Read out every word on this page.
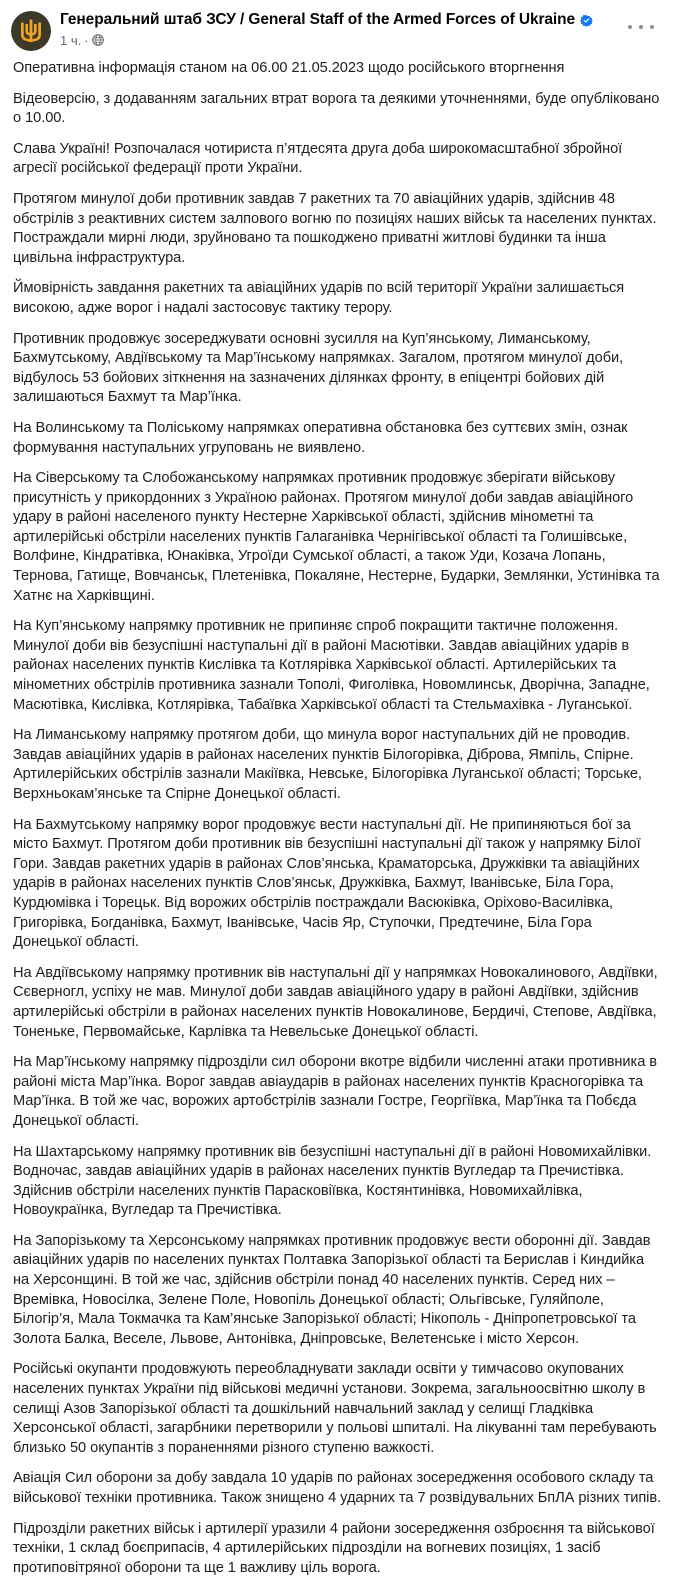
Генеральний штаб ЗСУ / General Staff of the Armed Forces of Ukraine
1 ч. ·

Оперативна інформація станом на 06.00 21.05.2023 щодо російського вторгнення

Відеоверсію, з додаванням загальних втрат ворога та деякими уточненнями, буде опубліковано о 10.00.

Слава Україні! Розпочалася чотириста п’ятдесята друга доба широкомасштабної збройної агресії російської федерації проти України.

Протягом минулої доби противник завдав 7 ракетних та 70 авіаційних ударів, здійснив 48 обстрілів з реактивних систем залпового вогню по позиціях наших військ та населених пунктах. Постраждали мирні люди, зруйновано та пошкоджено приватні житлові будинки та інша цивільна інфраструктура.

Ймовірність завдання ракетних та авіаційних ударів по всій території України залишається високою, адже ворог і надалі застосовує тактику терору.

Противник продовжує зосереджувати основні зусилля на Куп’янському, Лиманському, Бахмутському, Авдіївському та Мар’їнському напрямках. Загалом, протягом минулої доби, відбулось 53 бойових зіткнення на зазначених ділянках фронту, в епіцентрі бойових дій залишаються Бахмут та Мар’їнка.

На Волинському та Поліському напрямках оперативна обстановка без суттєвих змін, ознак формування наступальних угруповань не виявлено.

На Сіверському та Слобожанському напрямках противник продовжує зберігати військову присутність у прикордонних з Україною районах. Протягом минулої доби завдав авіаційного удару в районі населеного пункту Нестерне Харківської області, здійснив мінометні та артилерійські обстріли населених пунктів Галаганівка Чернігівської області та Голишівське, Волфине, Кіндратівка, Юнаківка, Угроїди Сумської області, а також Уди, Козача Лопань, Тернова, Гатище, Вовчанськ, Плетенівка, Покаляне, Нестерне, Бударки, Землянки, Устинівка та Хатнє на Харківщині.

На Куп’янському напрямку противник не припиняє спроб покращити тактичне положення. Минулої доби вів безуспішні наступальні дії в районі Масютівки. Завдав авіаційних ударів в районах населених пунктів Кислівка та Котлярівка Харківської області. Артилерійських та мінометних обстрілів противника зазнали Тополі, Фиголівка, Новомлинськ, Дворічна, Западне, Масютівка, Кислівка, Котлярівка, Табаївка Харківської області та Стельмахівка - Луганської.

На Лиманському напрямку протягом доби, що минула ворог наступальних дій не проводив. Завдав авіаційних ударів в районах населених пунктів Білогорівка, Діброва, Ямпіль, Спірне. Артилерійських обстрілів зазнали Макіївка, Невське, Білогорівка Луганської області; Торське, Верхньокам’янське та Спірне Донецької області.

На Бахмутському напрямку ворог продовжує вести наступальні дії. Не припиняються бої за місто Бахмут. Протягом доби противник вів безуспішні наступальні дії також у напрямку Білої Гори. Завдав ракетних ударів в районах Слов’янська, Краматорська, Дружківки та авіаційних ударів в районах населених пунктів Слов’янськ, Дружківка, Бахмут, Іванівське, Біла Гора, Курдюмівка і Торецьк. Від ворожих обстрілів постраждали Васюківка, Оріхово-Василівка, Григорівка, Богданівка, Бахмут, Іванівське, Часів Яр, Ступочки, Предтечине, Біла Гора Донецької області.

На Авдіївському напрямку противник вів наступальні дії у напрямках Новокалинового, Авдіївки, Сєверногл, успіху не мав. Минулої доби завдав авіаційного удару в районі Авдіївки, здійснив артилерійські обстріли в районах населених пунктів Новокалинове, Бердичі, Степове, Авдіївка, Тоненьке, Первомайське, Карлівка та Невельське Донецької області.

На Мар’їнському напрямку підрозділи сил оборони вкотре відбили численні атаки противника в районі міста Мар’їнка. Ворог завдав авіаударів в районах населених пунктів Красногорівка та Мар’їнка. В той же час, ворожих артобстрілів зазнали Гостре, Георгіївка, Мар’їнка та Побєда Донецької області.

На Шахтарському напрямку противник вів безуспішні наступальні дії в районі Новомихайлівки. Водночас, завдав авіаційних ударів в районах населених пунктів Вугледар та Пречистівка. Здійснив обстріли населених пунктів Парасковіївка, Костянтинівка, Новомихайлівка, Новоукраїнка, Вугледар та Пречистівка.

На Запорізькому та Херсонському напрямках противник продовжує вести оборонні дії. Завдав авіаційних ударів по населених пунктах Полтавка Запорізької області та Берислав і Киндийка на Херсонщині. В той же час, здійснив обстріли понад 40 населених пунктів. Серед них – Времівка, Новосілка, Зелене Поле, Новопіль Донецької області; Ольгівське, Гуляйполе, Білогір’я, Мала Токмачка та Кам’янське Запорізької області; Нікополь - Дніпропетровської та Золота Балка, Веселе, Львове, Антонівка, Дніпровське, Велетенське і місто Херсон.

Російські окупанти продовжують переобладнувати заклади освіти у тимчасово окупованих населених пунктах України під військові медичні установи. Зокрема, загальноосвітню школу в селищі Азов Запорізької області та дошкільний навчальний заклад у селищі Гладківка Херсонської області, загарбники перетворили у польові шпиталі. На лікуванні там перебувають близько 50 окупантів з пораненнями різного ступеню важкості.

Авіація Сил оборони за добу завдала 10 ударів по районах зосередження особового складу та військової техніки противника. Також знищено 4 ударних та 7 розвідувальних БпЛА різних типів.

Підрозділи ракетних військ і артилерії уразили 4 райони зосередження озброєння та військової техніки, 1 склад боєприпасів, 4 артилерійських підрозділи на вогневих позиціях, 1 засіб протиповітряної оборони та ще 1 важливу ціль ворога.
